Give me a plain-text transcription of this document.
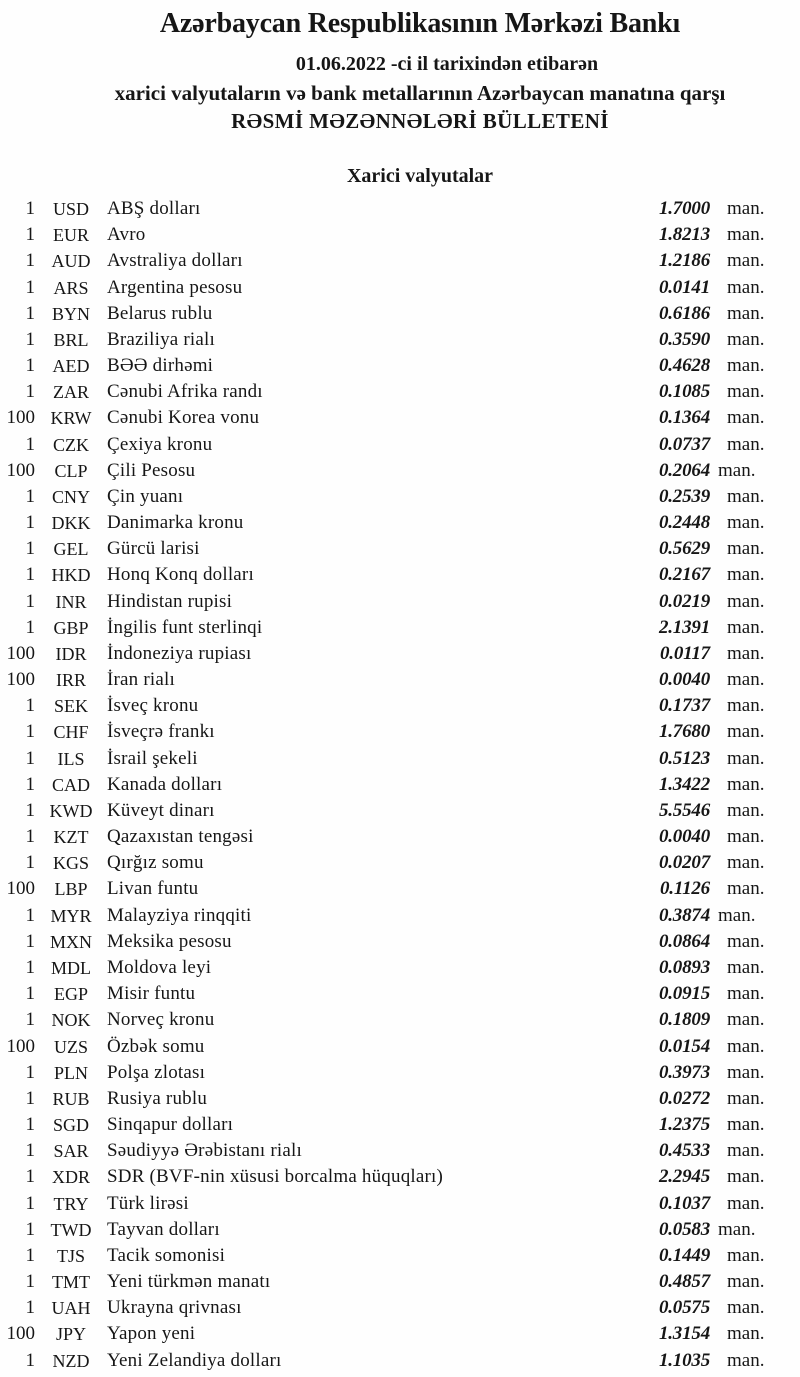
Azərbaycan Respublikasının Mərkəzi Bankı
01.06.2022 -ci il tarixindən etibarən
xarici valyutaların və bank metallarının Azərbaycan manatına qarşı
RƏSMİ MƏZƏNNƏLƏRİ BÜLLETENİ
Xarici valyutalar
1 USD ABŞ dolları	1.7000 man.
1	EUR Avro	1.8213 man.
1 AUD Avstraliya dolları	1.2186 man.
1	ARS Argentina pesosu	0.0141 man.
1 BYN Belarus rublu	0.6186 man.
1	BRL Braziliya rialı	0.3590 man.
1 AED BƏƏ dirhəmi	0.4628 man.
1	ZAR Cənubi Afrika randı	0.1085 man.
100 KRW Cənubi Korea vonu	0.1364 man.
1	CZK Çexiya kronu	0.0737 man.
100	CLP	Çili Pesosu	0.2064 man.
1 CNY Çin yuanı	0.2539 man.
1 DKK Danimarka kronu	0.2448 man.
1	GEL Gürcü larisi	0.5629 man.
1 HKD Honq Konq dolları	0.2167 man.
1	INR	Hindistan rupisi	0.0219 man.
1	GBP İngilis funt sterlinqi	2.1391 man.
100	IDR	İndoneziya rupiası	0.0117 man.
100	IRR	İran rialı	0.0040 man.
1	SEK	İsveç kronu	0.1737 man.
1	CHF İsveçrə frankı	1.7680 man.
1	ILS	İsrail şekeli	0.5123 man.
1 CAD Kanada dolları	1.3422 man.
1 KWD Küveyt dinarı	5.5546 man.
1	KZT Qazaxıstan tengəsi	0.0040 man.
1 KGS Qırğız somu	0.0207 man.
100	LBP	Livan funtu	0.1126 man.
1 MYR Malayziya rinqqiti	0.3874 man.
1 MXN Meksika pesosu	0.0864 man.
1 MDL Moldova leyi	0.0893 man.
1	EGP	Misir funtu	0.0915 man.
1 NOK Norveç kronu	0.1809 man.
100	UZS	Özbək somu	0.0154 man.
1	PLN	Polşa zlotası	0.3973 man.
1 RUB Rusiya rublu	0.0272 man.
1 SGD Sinqapur dolları	1.2375 man.
1	SAR Səudiyyə Ərəbistanı rialı	0.4533 man.
1 XDR SDR (BVF-nin xüsusi borcalma hüquqları)	2.2945 man.
1	TRY Türk lirəsi	0.1037 man.
1 TWD Tayvan dolları	0.0583 man.
1	TJS	Tacik somonisi	0.1449 man.
1 TMT Yeni türkmən manatı	0.4857 man.
1 UAH Ukrayna qrivnası	0.0575 man.
100	JPY	Yapon yeni	1.3154 man.
1 NZD Yeni Zelandiya dolları	1.1035 man.
